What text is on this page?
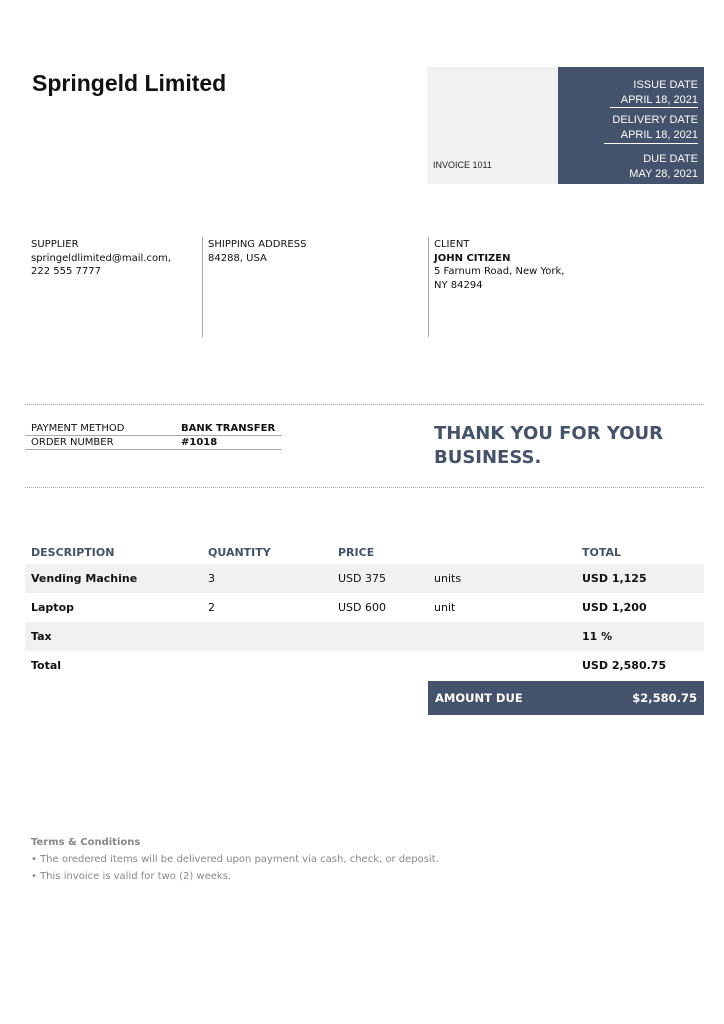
Springeld Limited
INVOICE 1011
ISSUE DATE
APRIL 18, 2021
DELIVERY DATE
APRIL 18, 2021
DUE DATE
MAY 28, 2021
SUPPLIER
springeldlimited@mail.com,
222 555 7777
SHIPPING ADDRESS
84288, USA
CLIENT
JOHN CITIZEN
5 Farnum Road, New York,
NY 84294
PAYMENT METHOD	BANK TRANSFER
ORDER NUMBER	#1018	THANK YOU FOR YOUR BUSINESS.
DESCRIPTION	QUANTITY	PRICE	TOTAL
Vending Machine	3	USD 375	units	USD 1,125
Laptop	2	USD 600	unit	USD 1,200
Tax	11 %
Total	USD 2,580.75
AMOUNT DUE	$2,580.75
Terms & Conditions
• The oredered items will be delivered upon payment via cash, check, or deposit.
• This invoice is valid for two (2) weeks.
